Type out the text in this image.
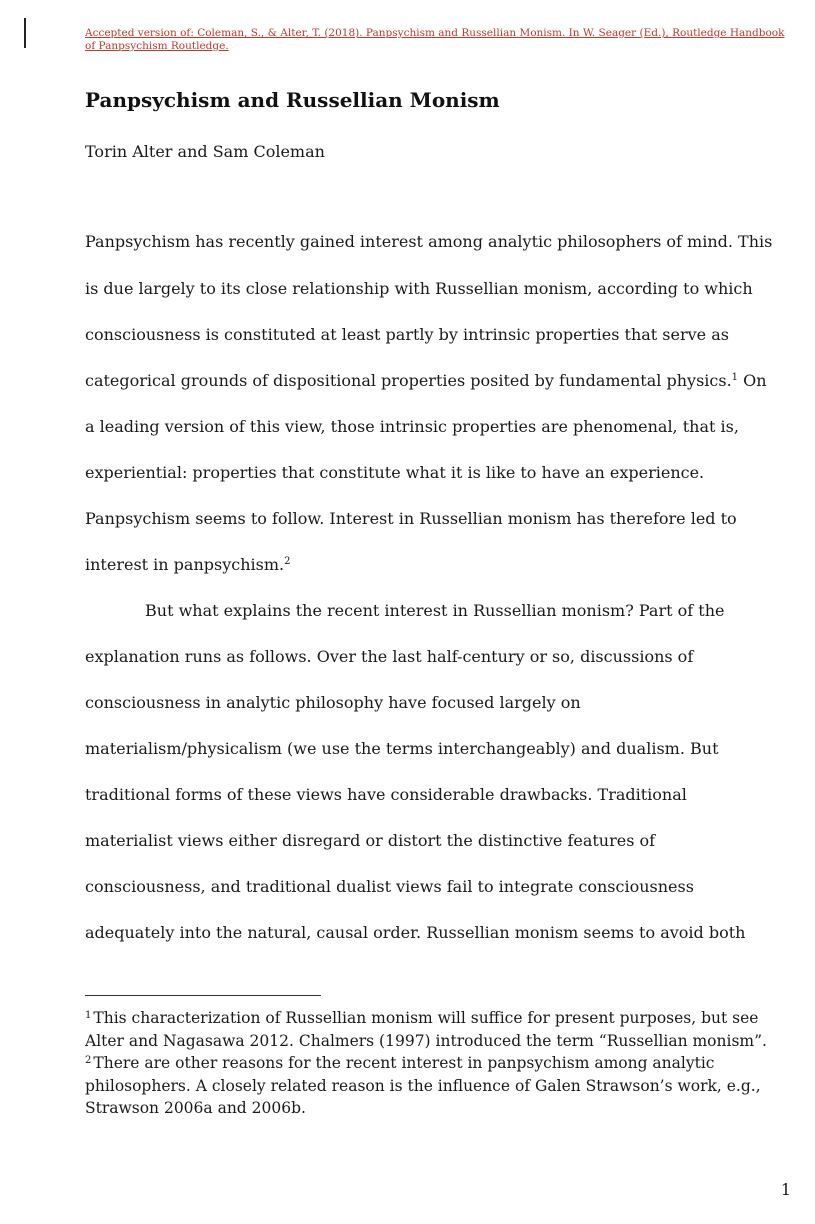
Accepted version of: Coleman, S., & Alter, T. (2018). Panpsychism and Russellian Monism. In W. Seager (Ed.), Routledge Handbook of Panpsychism Routledge.
Panpsychism and Russellian Monism
Torin Alter and Sam Coleman
Panpsychism has recently gained interest among analytic philosophers of mind. This
is due largely to its close relationship with Russellian monism, according to which
consciousness is constituted at least partly by intrinsic properties that serve as
categorical grounds of dispositional properties posited by fundamental physics.$^1$ On
a leading version of this view, those intrinsic properties are phenomenal, that is,
experiential: properties that constitute what it is like to have an experience.
Panpsychism seems to follow. Interest in Russellian monism has therefore led to
interest in panpsychism.$^2$
But what explains the recent interest in Russellian monism? Part of the
explanation runs as follows. Over the last half-century or so, discussions of
consciousness in analytic philosophy have focused largely on
materialism/physicalism (we use the terms interchangeably) and dualism. But
traditional forms of these views have considerable drawbacks. Traditional
materialist views either disregard or distort the distinctive features of
consciousness, and traditional dualist views fail to integrate consciousness
adequately into the natural, causal order. Russellian monism seems to avoid both

$^1$ This characterization of Russellian monism will suffice for present purposes, but see Alter and Nagasawa 2012. Chalmers (1997) introduced the term “Russellian monism”.

$^2$ There are other reasons for the recent interest in panpsychism among analytic philosophers. A closely related reason is the influence of Galen Strawson’s work, e.g., Strawson 2006a and 2006b.

1
